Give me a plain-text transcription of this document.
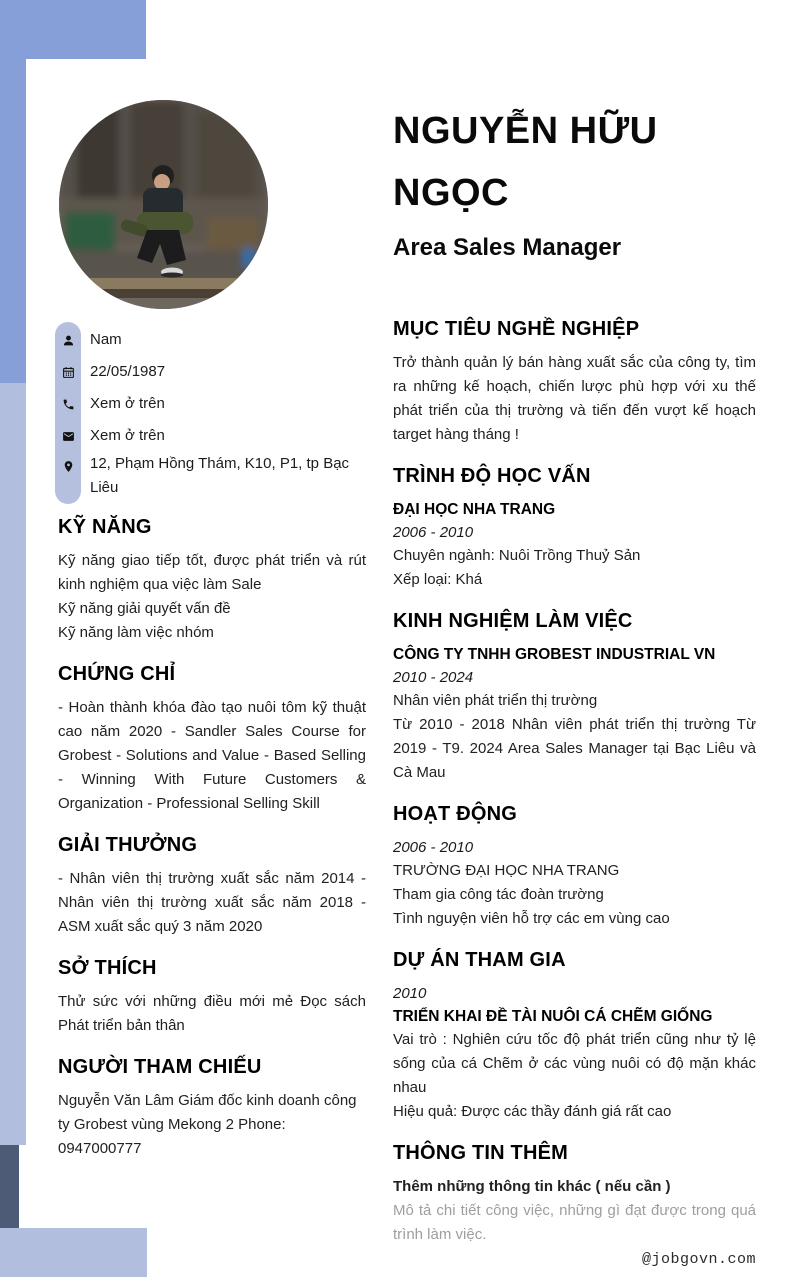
Nam
22/05/1987
Xem ở trên
Xem ở trên
12, Phạm Hồng Thám, K10, P1, tp Bạc Liêu
KỸ NĂNG

Kỹ năng giao tiếp tốt, được phát triển và rút kinh nghiệm qua việc làm Sale

Kỹ năng giải quyết vấn đề

Kỹ năng làm việc nhóm

CHỨNG CHỈ

- Hoàn thành khóa đào tạo nuôi tôm kỹ thuật cao năm 2020 - Sandler Sales Course for Grobest - Solutions and Value - Based Selling - Winning With Future Customers & Organization - Professional Selling Skill

GIẢI THƯỞNG

- Nhân viên thị trường xuất sắc năm 2014 - Nhân viên thị trường xuất sắc năm 2018 - ASM xuất sắc quý 3 năm 2020

SỞ THÍCH

Thử sức với những điều mới mẻ Đọc sách Phát triển bản thân

NGƯỜI THAM CHIẾU

Nguyễn Văn Lâm Giám đốc kinh doanh công ty Grobest vùng Mekong 2 Phone: 0947000777

NGUYỄN HỮU NGỌC
Area Sales Manager
MỤC TIÊU NGHỀ NGHIỆP

Trở thành quản lý bán hàng xuất sắc của công ty, tìm ra những kế hoạch, chiến lược phù hợp với xu thế phát triển của thị trường và tiến đến vượt kế hoạch target hàng tháng !

TRÌNH ĐỘ HỌC VẤN

ĐẠI HỌC NHA TRANG

2006 - 2010

Chuyên ngành: Nuôi Trồng Thuỷ Sản

Xếp loại: Khá

KINH NGHIỆM LÀM VIỆC

CÔNG TY TNHH GROBEST INDUSTRIAL VN

2010 - 2024

Nhân viên phát triển thị trường

Từ 2010 - 2018 Nhân viên phát triển thị trường Từ 2019 - T9. 2024 Area Sales Manager tại Bạc Liêu và Cà Mau

HOẠT ĐỘNG

2006 - 2010

TRƯỜNG ĐẠI HỌC NHA TRANG

Tham gia công tác đoàn trường

Tình nguyện viên hỗ trợ các em vùng cao

DỰ ÁN THAM GIA

2010

TRIỂN KHAI ĐỀ TÀI NUÔI CÁ CHẼM GIỐNG

Vai trò : Nghiên cứu tốc độ phát triển cũng như tỷ lệ sống của cá Chẽm ở các vùng nuôi có độ mặn khác nhau

Hiệu quả: Được các thầy đánh giá rất cao

THÔNG TIN THÊM

Thêm những thông tin khác ( nếu cần )

Mô tả chi tiết công việc, những gì đạt được trong quá trình làm việc.

@jobgovn.com
